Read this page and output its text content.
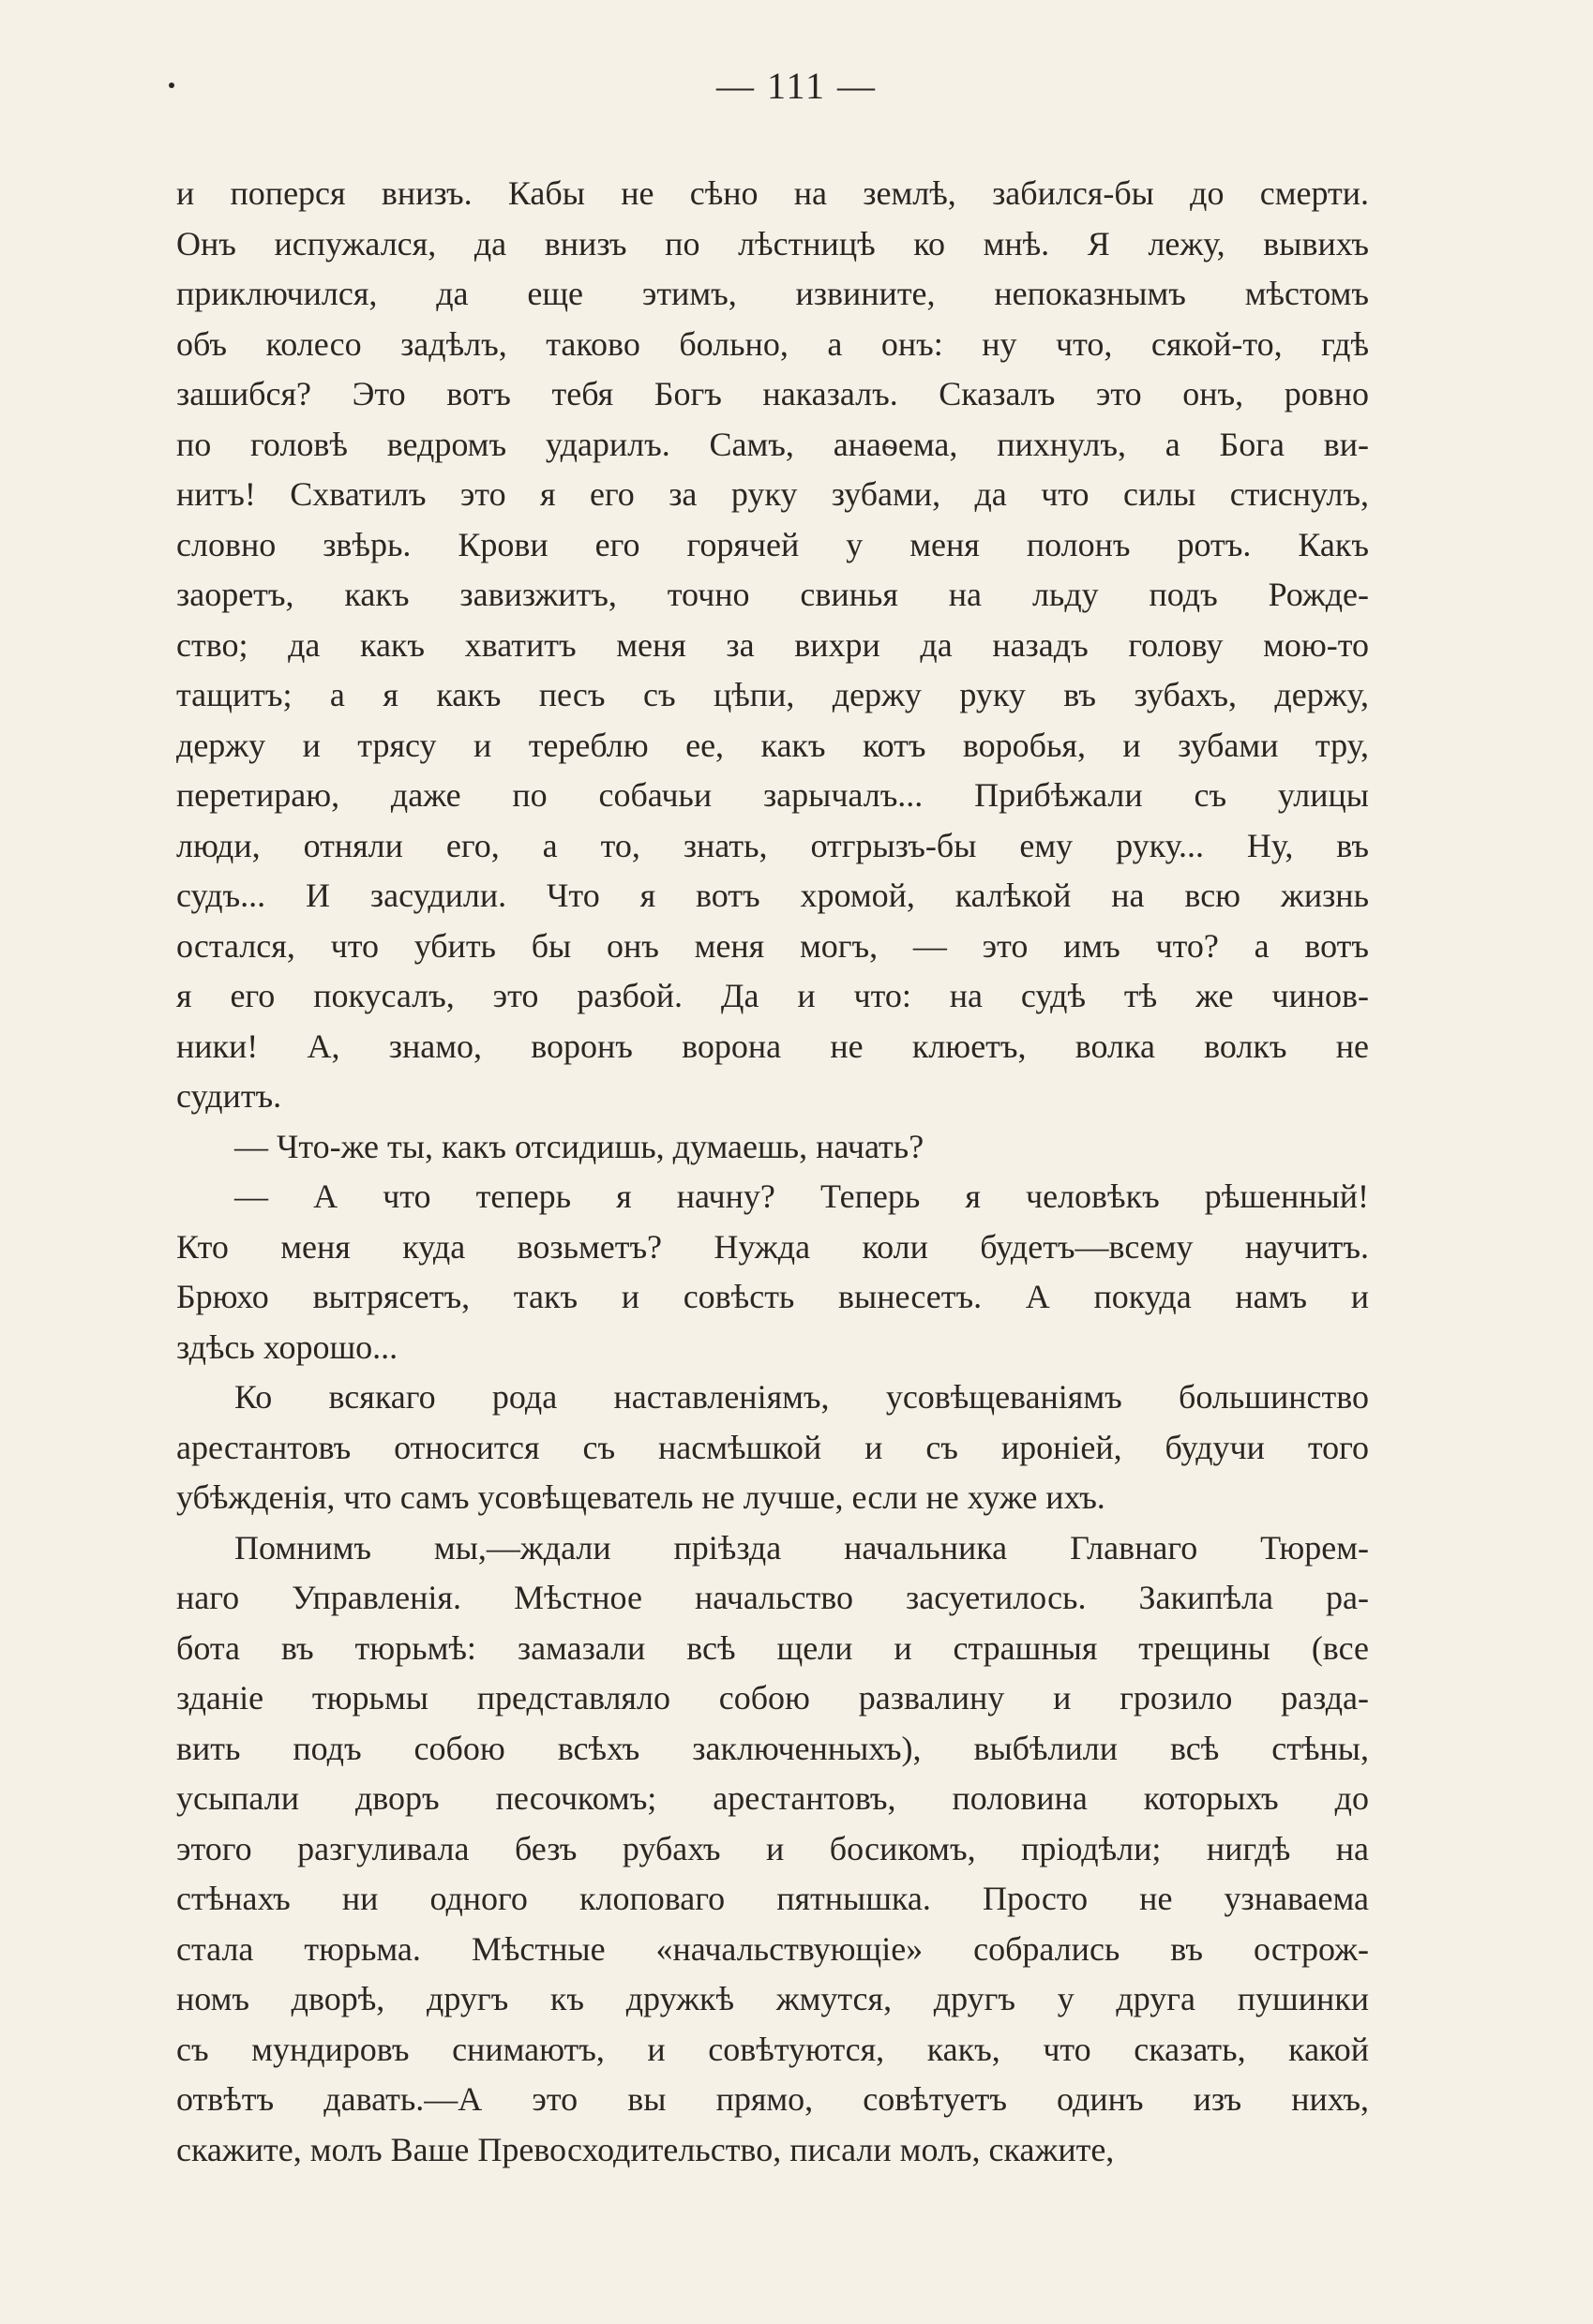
— 111 —
и поперся внизъ. Кабы не сѣно на землѣ, забился-бы до смерти.
Онъ испужался, да внизъ по лѣстницѣ ко мнѣ. Я лежу, вывихъ
приключился, да еще этимъ, извините, непоказнымъ мѣстомъ
объ колесо задѣлъ, таково больно, а онъ: ну что, сякой-то, гдѣ
зашибся? Это вотъ тебя Богъ наказалъ. Сказалъ это онъ, ровно
по головѣ ведромъ ударилъ. Самъ, анаѳема, пихнулъ, а Бога ви-
нитъ! Схватилъ это я его за руку зубами, да что силы стиснулъ,
словно звѣрь. Крови его горячей у меня полонъ ротъ. Какъ
заоретъ, какъ завизжитъ, точно свинья на льду подъ Рожде-
ство; да какъ хватитъ меня за вихри да назадъ голову мою-то
тащитъ; а я какъ песъ съ цѣпи, держу руку въ зубахъ, держу,
держу и трясу и тереблю ее, какъ котъ воробья, и зубами тру,
перетираю, даже по собачьи зарычалъ... Прибѣжали съ улицы
люди, отняли его, а то, знать, отгрызъ-бы ему руку... Ну, въ
судъ... И засудили. Что я вотъ хромой, калѣкой на всю жизнь
остался, что убить бы онъ меня могъ, — это имъ что? а вотъ
я его покусалъ, это разбой. Да и что: на судѣ тѣ же чинов-
ники! А, знамо, воронъ ворона не клюетъ, волка волкъ не
судитъ.
— Что-же ты, какъ отсидишь, думаешь, начать?
— А что теперь я начну? Теперь я человѣкъ рѣшенный!
Кто меня куда возьметъ? Нужда коли будетъ—всему научитъ.
Брюхо вытрясетъ, такъ и совѣсть вынесетъ. А покуда намъ и
здѣсь хорошо...
Ко всякаго рода наставленіямъ, усовѣщеваніямъ большинство
арестантовъ относится съ насмѣшкой и съ ироніей, будучи того
убѣжденія, что самъ усовѣщеватель не лучше, если не хуже ихъ.
Помнимъ мы,—ждали пріѣзда начальника Главнаго Тюрем-
наго Управленія. Мѣстное начальство засуетилось. Закипѣла ра-
бота въ тюрьмѣ: замазали всѣ щели и страшныя трещины (все
зданіе тюрьмы представляло собою развалину и грозило разда-
вить подъ собою всѣхъ заключенныхъ), выбѣлили всѣ стѣны,
усыпали дворъ песочкомъ; арестантовъ, половина которыхъ до
этого разгуливала безъ рубахъ и босикомъ, пріодѣли; нигдѣ на
стѣнахъ ни одного клоповаго пятнышка. Просто не узнаваема
стала тюрьма. Мѣстные «начальствующіе» собрались въ острож-
номъ дворѣ, другъ къ дружкѣ жмутся, другъ у друга пушинки
съ мундировъ снимаютъ, и совѣтуются, какъ, что сказать, какой
отвѣтъ давать.—А это вы прямо, совѣтуетъ одинъ изъ нихъ,
скажите, молъ Ваше Превосходительство, писали молъ, скажите,
